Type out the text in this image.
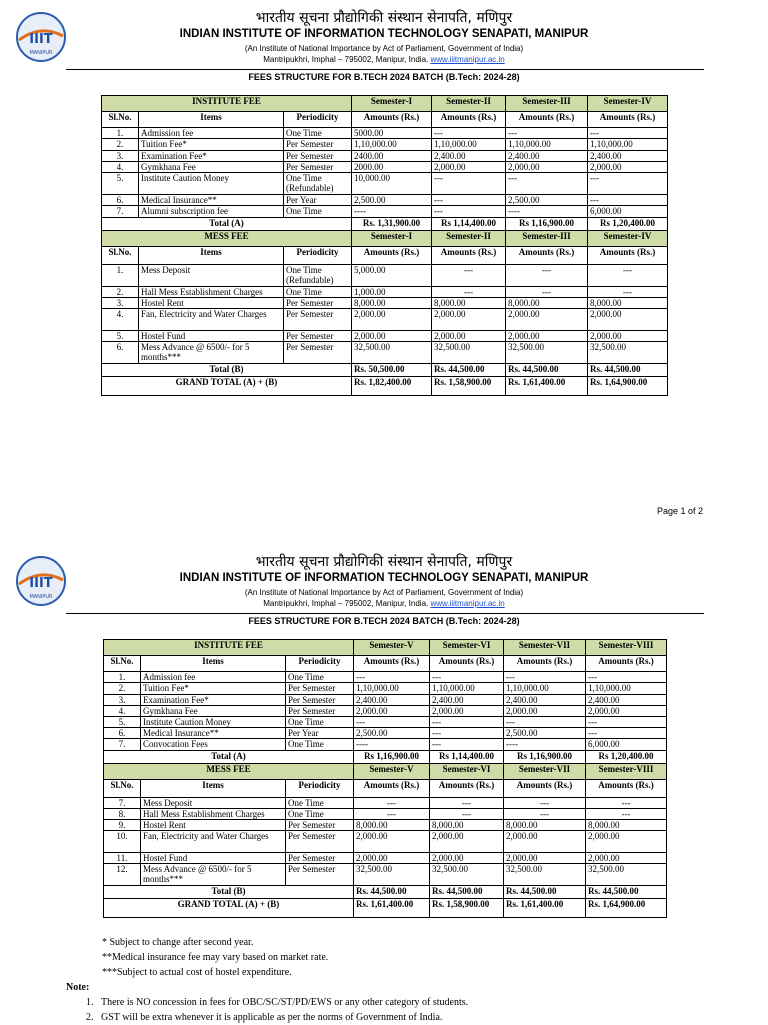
IIIT
MANIPUR
भारतीय सूचना प्रौद्योगिकी संस्थान सेनापति, मणिपुर
INDIAN INSTITUTE OF INFORMATION TECHNOLOGY SENAPATI, MANIPUR
(An Institute of National Importance by Act of Parliament, Government of India)
Mantripukhri, Imphal – 795002, Manipur, India. www.iiitmanipur.ac.in
FEES STRUCTURE FOR B.TECH 2024 BATCH (B.Tech: 2024-28)
INSTITUTE FEE			Semester-I	Semester-II	Semester-III	Semester-IV
Sl.No.	Items	Periodicity	Amounts (Rs.)	Amounts (Rs.)	Amounts (Rs.)	Amounts (Rs.)
1.	Admission fee	One Time	5000.00	---	---	---
2.	Tuition Fee*	Per Semester	1,10,000.00	1,10,000.00	1,10,000.00	1,10,000.00
3.	Examination Fee*	Per Semester	2400.00	2,400.00	2,400.00	2,400.00
4.	Gymkhana Fee	Per Semester	2000.00	2,000.00	2,000.00	2,000.00
5.	Institute Caution Money	One Time (Refundable)	10,000.00	---	---	---
6.	Medical Insurance**	Per Year	2,500.00	---	2,500.00	---
7.	Alumni subscription fee	One Time	----	---	----	6,000.00
Total (A)			Rs. 1,31,900.00	Rs 1,14,400.00	Rs 1,16,900.00	Rs 1,20,400.00
MESS FEE			Semester-I	Semester-II	Semester-III	Semester-IV
Sl.No.	Items	Periodicity	Amounts (Rs.)	Amounts (Rs.)	Amounts (Rs.)	Amounts (Rs.)
1.	Mess Deposit	One Time (Refundable)	5,000.00	---	---	---
2.	Hall Mess Establishment Charges	One Time	1,000.00	---	---	---
3.	Hostel Rent	Per Semester	8,000.00	8,000.00	8,000.00	8,000.00
4.	Fan, Electricity and Water Charges	Per Semester	2,000.00	2,000.00	2,000.00	2,000.00
5.	Hostel Fund	Per Semester	2,000.00	2,000.00	2,000.00	2,000.00
6.	Mess Advance @ 6500/- for 5 months***	Per Semester	32,500.00	32,500.00	32,500.00	32,500.00
Total (B)			Rs. 50,500.00	Rs. 44,500.00	Rs. 44,500.00	Rs. 44,500.00
GRAND TOTAL (A) + (B)			Rs. 1,82,400.00	Rs. 1,58,900.00	Rs. 1,61,400.00	Rs. 1,64,900.00
Page 1 of 2
IIIT
MANIPUR
भारतीय सूचना प्रौद्योगिकी संस्थान सेनापति, मणिपुर
INDIAN INSTITUTE OF INFORMATION TECHNOLOGY SENAPATI, MANIPUR
(An Institute of National Importance by Act of Parliament, Government of India)
Mantripukhri, Imphal – 795002, Manipur, India. www.iiitmanipur.ac.in
FEES STRUCTURE FOR B.TECH 2024 BATCH (B.Tech: 2024-28)
INSTITUTE FEE			Semester-V	Semester-VI	Semester-VII	Semester-VIII
Sl.No.	Items	Periodicity	Amounts (Rs.)	Amounts (Rs.)	Amounts (Rs.)	Amounts (Rs.)
1.	Admission fee	One Time	---	---	---	---
2.	Tuition Fee*	Per Semester	1,10,000.00	1,10,000.00	1,10,000.00	1,10,000.00
3.	Examination Fee*	Per Semester	2,400.00	2,400.00	2,400.00	2,400.00
4.	Gymkhana Fee	Per Semester	2,000.00	2,000.00	2,000.00	2,000.00
5.	Institute Caution Money	One Time	---	---	---	---
6.	Medical Insurance**	Per Year	2,500.00	---	2,500.00	---
7.	Convocation Fees	One Time	----	---	----	6,000.00
Total (A)			Rs 1,16,900.00	Rs 1,14,400.00	Rs 1,16,900.00	Rs 1,20,400.00
MESS FEE			Semester-V	Semester-VI	Semester-VII	Semester-VIII
Sl.No.	Items	Periodicity	Amounts (Rs.)	Amounts (Rs.)	Amounts (Rs.)	Amounts (Rs.)
7.	Mess Deposit	One Time	---	---	---	---
8.	Hall Mess Establishment Charges	One Time	---	---	---	---
9.	Hostel Rent	Per Semester	8,000.00	8,000.00	8,000.00	8,000.00
10.	Fan, Electricity and Water Charges	Per Semester	2,000.00	2,000.00	2,000.00	2,000.00
11.	Hostel Fund	Per Semester	2,000.00	2,000.00	2,000.00	2,000.00
12.	Mess Advance @ 6500/- for 5 months***	Per Semester	32,500.00	32,500.00	32,500.00	32,500.00
Total (B)			Rs. 44,500.00	Rs. 44,500.00	Rs. 44,500.00	Rs. 44,500.00
GRAND TOTAL (A) + (B)			Rs. 1,61,400.00	Rs. 1,58,900.00	Rs. 1,61,400.00	Rs. 1,64,900.00
* Subject to change after second year.
**Medical insurance fee may vary based on market rate.
***Subject to actual cost of hostel expenditure.
Note:
1. There is NO concession in fees for OBC/SC/ST/PD/EWS or any other category of students.
2. GST will be extra whenever it is applicable as per the norms of Government of India.
